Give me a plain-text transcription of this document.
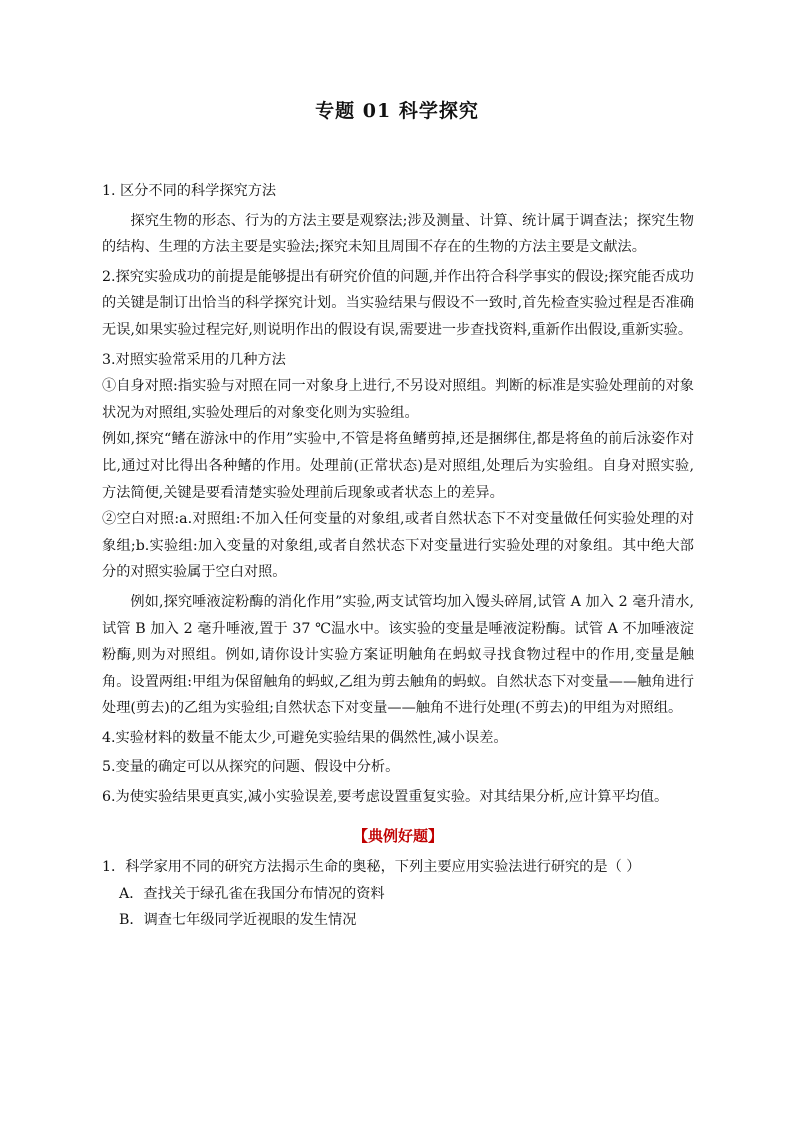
专题 01 科学探究

1. 区分不同的科学探究方法

探究生物的形态、行为的方法主要是观察法;涉及测量、计算、统计属于调查法；探究生物的结构、生理的方法主要是实验法;探究未知且周围不存在的生物的方法主要是文献法。

2.探究实验成功的前提是能够提出有研究价值的问题,并作出符合科学事实的假设;探究能否成功的关键是制订出恰当的科学探究计划。当实验结果与假设不一致时,首先检查实验过程是否准确无误,如果实验过程完好,则说明作出的假设有误,需要进一步查找资料,重新作出假设,重新实验。

3.对照实验常采用的几种方法

①自身对照:指实验与对照在同一对象身上进行,不另设对照组。判断的标准是实验处理前的对象状况为对照组,实验处理后的对象变化则为实验组。

例如,探究“鳍在游泳中的作用”实验中,不管是将鱼鳍剪掉,还是捆绑住,都是将鱼的前后泳姿作对比,通过对比得出各种鳍的作用。处理前(正常状态)是对照组,处理后为实验组。自身对照实验,方法简便,关键是要看清楚实验处理前后现象或者状态上的差异。

②空白对照:a.对照组:不加入任何变量的对象组,或者自然状态下不对变量做任何实验处理的对象组;b.实验组:加入变量的对象组,或者自然状态下对变量进行实验处理的对象组。其中绝大部分的对照实验属于空白对照。

例如,探究唾液淀粉酶的消化作用”实验,两支试管均加入馒头碎屑,试管 A 加入 2 毫升清水,试管 B 加入 2 毫升唾液,置于 37 ℃温水中。该实验的变量是唾液淀粉酶。试管 A 不加唾液淀粉酶,则为对照组。例如,请你设计实验方案证明触角在蚂蚁寻找食物过程中的作用,变量是触角。设置两组:甲组为保留触角的蚂蚁,乙组为剪去触角的蚂蚁。自然状态下对变量——触角进行处理(剪去)的乙组为实验组;自然状态下对变量——触角不进行处理(不剪去)的甲组为对照组。

4.实验材料的数量不能太少,可避免实验结果的偶然性,减小误差。

5.变量的确定可以从探究的问题、假设中分析。

6.为使实验结果更真实,减小实验误差,要考虑设置重复实验。对其结果分析,应计算平均值。

【典例好题】

1．科学家用不同的研究方法揭示生命的奥秘，下列主要应用实验法进行研究的是（ ）

A．查找关于绿孔雀在我国分布情况的资料

B．调查七年级同学近视眼的发生情况
